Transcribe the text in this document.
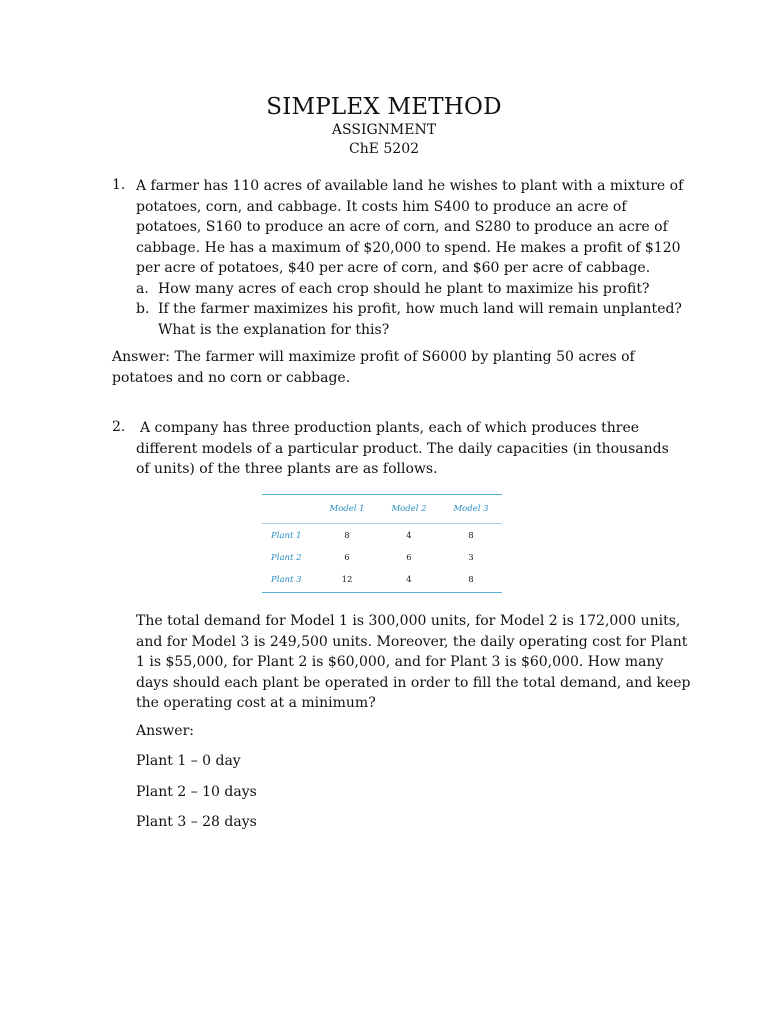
SIMPLEX METHOD
ASSIGNMENT
ChE 5202
1. A farmer has 110 acres of available land he wishes to plant with a mixture of potatoes, corn, and cabbage. It costs him S400 to produce an acre of potatoes, S160 to produce an acre of corn, and S280 to produce an acre of cabbage. He has a maximum of $20,000 to spend. He makes a profit of $120 per acre of potatoes, $40 per acre of corn, and $60 per acre of cabbage.

a. How many acres of each crop should he plant to maximize his profit?
b. If the farmer maximizes his profit, how much land will remain unplanted? What is the explanation for this?
Answer: The farmer will maximize profit of S6000 by planting 50 acres of potatoes and no corn or cabbage.
2. A company has three production plants, each of which produces three different models of a particular product. The daily capacities (in thousands of units) of the three plants are as follows.

	Model 1	Model 2	Model 3
Plant 1	8	4	8
Plant 2	6	6	3
Plant 3	12	4	8
The total demand for Model 1 is 300,000 units, for Model 2 is 172,000 units, and for Model 3 is 249,500 units. Moreover, the daily operating cost for Plant 1 is $55,000, for Plant 2 is $60,000, and for Plant 3 is $60,000. How many days should each plant be operated in order to fill the total demand, and keep the operating cost at a minimum?
Answer:
Plant 1 – 0 day
Plant 2 – 10 days
Plant 3 – 28 days
